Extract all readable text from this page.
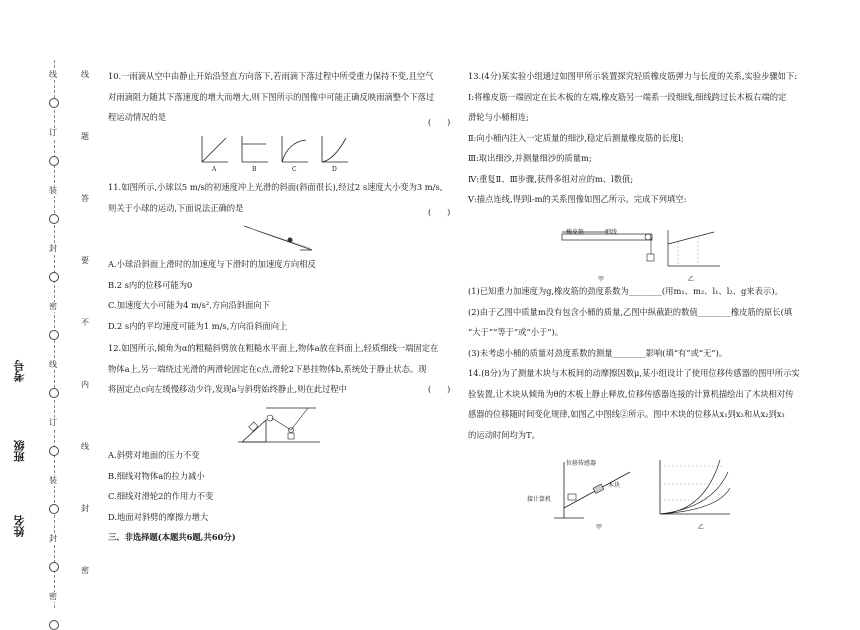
线
订
装
封
密
线
订
装
封
密
线
题
答
要
不
内
线
封
密
考号
班级
姓名

10.一雨滴从空中由静止开始沿竖直方向落下,若雨滴下落过程中所受重力保持不变,且空气

对雨滴阻力随其下落速度的增大而增大,则下图所示的图像中可能正确反映雨滴整个下落过

程运动情况的是

(　　)
A	B	C	D

11.如图所示,小球以5 m/s的初速度冲上光滑的斜面(斜面很长),经过2 s速度大小变为3 m/s,

则关于小球的运动,下面说法正确的是	(　　)

A.小球沿斜面上滑时的加速度与下滑时的加速度方向相反

B.2 s内的位移可能为0

C.加速度大小可能为4 m/s²,方向沿斜面向下

D.2 s内的平均速度可能为1 m/s,方向沿斜面向上

12.如图所示,倾角为α的粗糙斜劈放在粗糙水平面上,物体a放在斜面上,轻质细线一端固定在

物体a上,另一端绕过光滑的两滑轮固定在c点,滑轮2下悬挂物体b,系统处于静止状态。现

将固定点c向左缓慢移动少许,发现a与斜劈始终静止,则在此过程中	(　　)

A.斜劈对地面的压力不变

B.细线对物体a的拉力减小

C.细线对滑轮2的作用力不变

D.地面对斜劈的摩擦力增大

三、非选择题(本题共6题,共60分)

13.(4分)某实验小组通过如图甲所示装置探究轻质橡皮筋弹力与长度的关系,实验步骤如下:

Ⅰ:将橡皮筋一端固定在长木板的左端,橡皮筋另一端系一段细线,细线跨过长木板右端的定

滑轮与小桶相连;

Ⅱ:向小桶内注入一定质量的细沙,稳定后测量橡皮筋的长度l;

Ⅲ:取出细沙,并测量细沙的质量m;

Ⅳ:重复Ⅱ、Ⅲ步骤,获得多组对应的m、l数值;

Ⅴ:描点连线,得到l-m的关系图像如图乙所示。完成下列填空:

橡皮筋	细线
甲	乙

(1)已知重力加速度为g,橡皮筋的劲度系数为________(用m₁、m₂、l₁、l₂、g来表示)。

(2)由于乙图中质量m没有包含小桶的质量,乙图中纵截距的数值________橡皮筋的原长(填

“大于”“等于”或“小于”)。

(3)未考虑小桶的质量对劲度系数的测量________影响(填“有”或“无”)。

14.(8分)为了测量木块与木板间的动摩擦因数μ,某小组设计了使用位移传感器的图甲所示实

验装置,让木块从倾角为θ的木板上静止释放,位移传感器连接的计算机描绘出了木块相对传

感器的位移随时间变化规律,如图乙中图线②所示。图中木块的位移从x₁到x₂和从x₂到x₃

的运动时间均为T。

位移传感器
木块
接计算机
甲	乙
